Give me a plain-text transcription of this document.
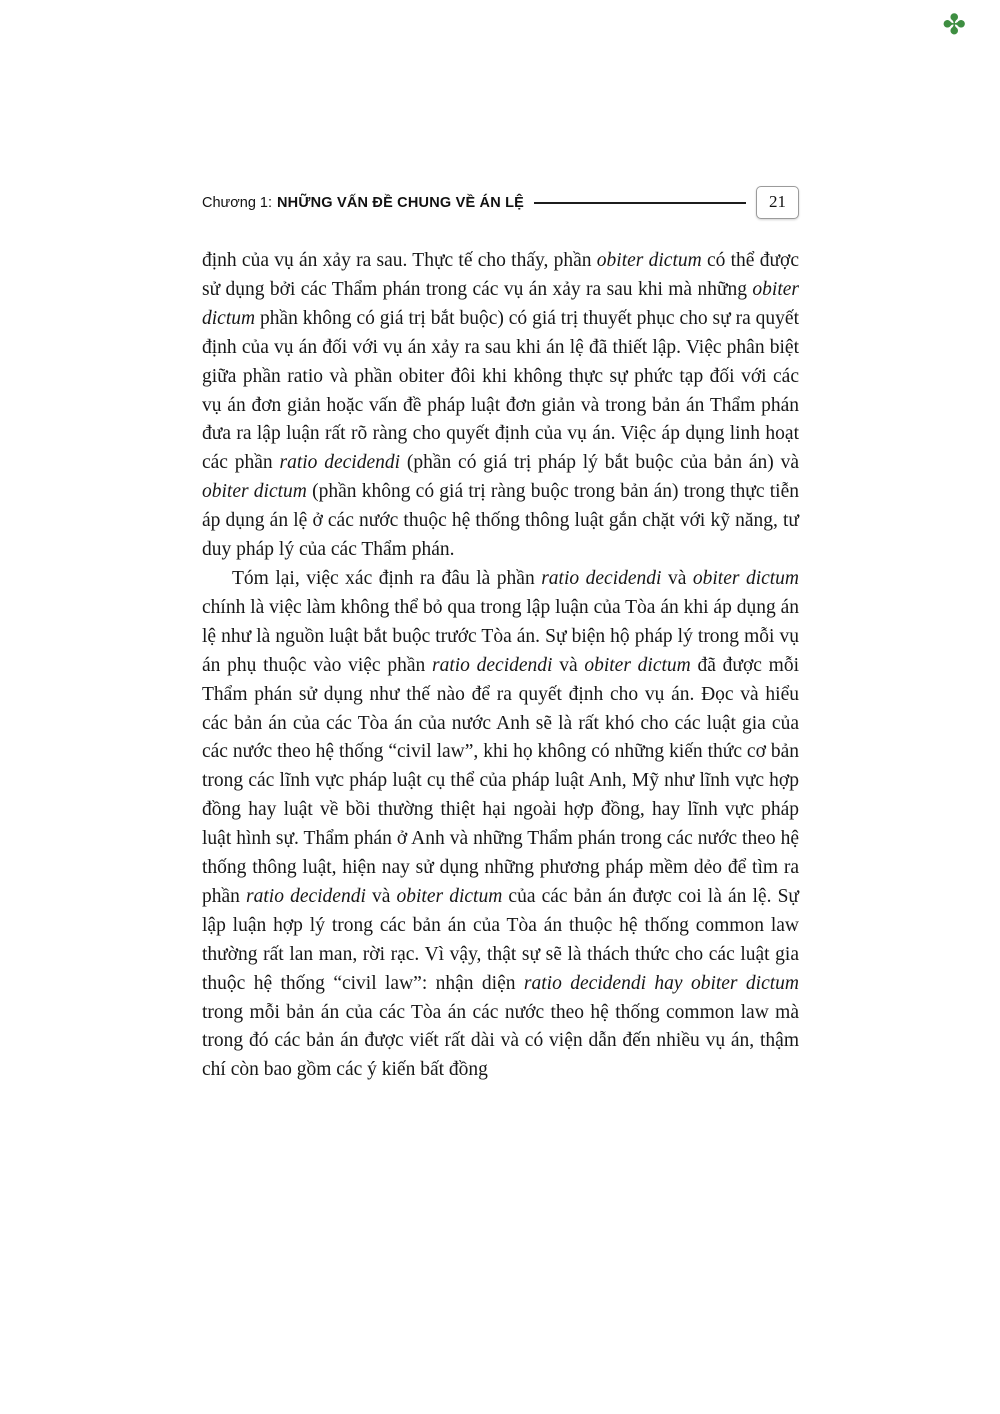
✤
Chương 1: NHỮNG VẤN ĐỀ CHUNG VỀ ÁN LỆ	21

định của vụ án xảy ra sau. Thực tế cho thấy, phần obiter dictum có thể được sử dụng bởi các Thẩm phán trong các vụ án xảy ra sau khi mà những obiter dictum phần không có giá trị bắt buộc) có giá trị thuyết phục cho sự ra quyết định của vụ án đối với vụ án xảy ra sau khi án lệ đã thiết lập. Việc phân biệt giữa phần ratio và phần obiter đôi khi không thực sự phức tạp đối với các vụ án đơn giản hoặc vấn đề pháp luật đơn giản và trong bản án Thẩm phán đưa ra lập luận rất rõ ràng cho quyết định của vụ án. Việc áp dụng linh hoạt các phần ratio decidendi (phần có giá trị pháp lý bắt buộc của bản án) và obiter dictum (phần không có giá trị ràng buộc trong bản án) trong thực tiễn áp dụng án lệ ở các nước thuộc hệ thống thông luật gắn chặt với kỹ năng, tư duy pháp lý của các Thẩm phán.

Tóm lại, việc xác định ra đâu là phần ratio decidendi và obiter dictum chính là việc làm không thể bỏ qua trong lập luận của Tòa án khi áp dụng án lệ như là nguồn luật bắt buộc trước Tòa án. Sự biện hộ pháp lý trong mỗi vụ án phụ thuộc vào việc phần ratio decidendi và obiter dictum đã được mỗi Thẩm phán sử dụng như thế nào để ra quyết định cho vụ án. Đọc và hiểu các bản án của các Tòa án của nước Anh sẽ là rất khó cho các luật gia của các nước theo hệ thống “civil law”, khi họ không có những kiến thức cơ bản trong các lĩnh vực pháp luật cụ thể của pháp luật Anh, Mỹ như lĩnh vực hợp đồng hay luật về bồi thường thiệt hại ngoài hợp đồng, hay lĩnh vực pháp luật hình sự. Thẩm phán ở Anh và những Thẩm phán trong các nước theo hệ thống thông luật, hiện nay sử dụng những phương pháp mềm dẻo để tìm ra phần ratio decidendi và obiter dictum của các bản án được coi là án lệ. Sự lập luận hợp lý trong các bản án của Tòa án thuộc hệ thống common law thường rất lan man, rời rạc. Vì vậy, thật sự sẽ là thách thức cho các luật gia thuộc hệ thống “civil law”: nhận diện ratio decidendi hay obiter dictum trong mỗi bản án của các Tòa án các nước theo hệ thống common law mà trong đó các bản án được viết rất dài và có viện dẫn đến nhiều vụ án, thậm chí còn bao gồm các ý kiến bất đồng
